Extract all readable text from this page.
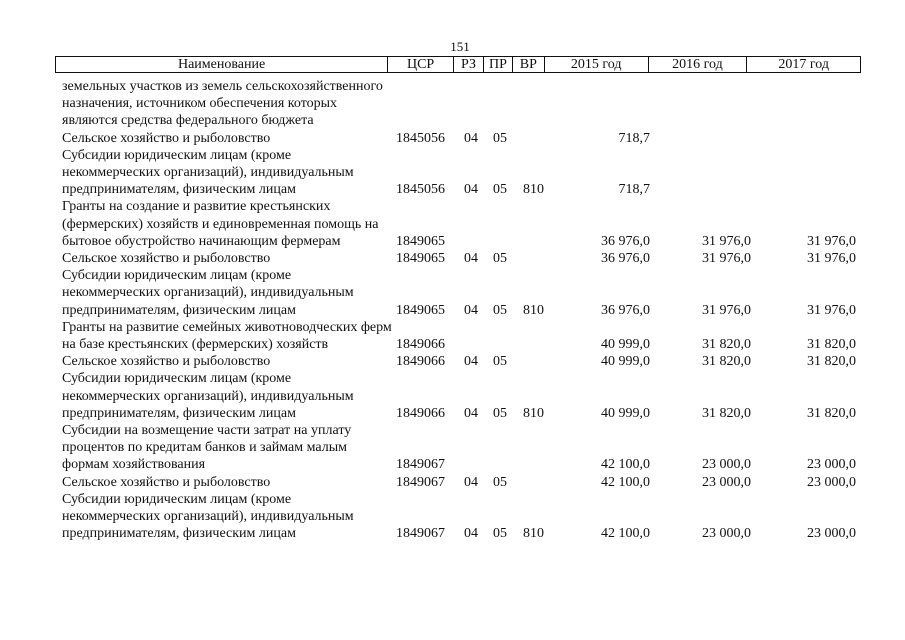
151
Наименование	ЦСР	РЗ ПР ВР	2015 год	2016 год	2017 год
земельных участков из земель сельскохозяйственного назначения, источником обеспечения которых являются средства федерального бюджета
Сельское хозяйство и рыболовство	1845056 04 05	718,7
Субсидии юридическим лицам (кроме некоммерческих организаций), индивидуальным предпринимателям, физическим лицам	1845056 04 05 810	718,7
Гранты на создание и развитие крестьянских (фермерских) хозяйств и единовременная помощь на бытовое обустройство начинающим фермерам	1849065	36 976,0	31 976,0	31 976,0
Сельское хозяйство и рыболовство	1849065 04 05	36 976,0	31 976,0	31 976,0
Субсидии юридическим лицам (кроме некоммерческих организаций), индивидуальным предпринимателям, физическим лицам	1849065 04 05 810	36 976,0	31 976,0	31 976,0
Гранты на развитие семейных животноводческих ферм на базе крестьянских (фермерских) хозяйств	1849066	40 999,0	31 820,0	31 820,0
Сельское хозяйство и рыболовство	1849066 04 05	40 999,0	31 820,0	31 820,0
Субсидии юридическим лицам (кроме некоммерческих организаций), индивидуальным предпринимателям, физическим лицам	1849066 04 05 810	40 999,0	31 820,0	31 820,0
Субсидии на возмещение части затрат на уплату процентов по кредитам банков и займам малым формам хозяйствования	1849067	42 100,0	23 000,0	23 000,0
Сельское хозяйство и рыболовство	1849067 04 05	42 100,0	23 000,0	23 000,0
Субсидии юридическим лицам (кроме некоммерческих организаций), индивидуальным предпринимателям, физическим лицам	1849067 04 05 810	42 100,0	23 000,0	23 000,0
